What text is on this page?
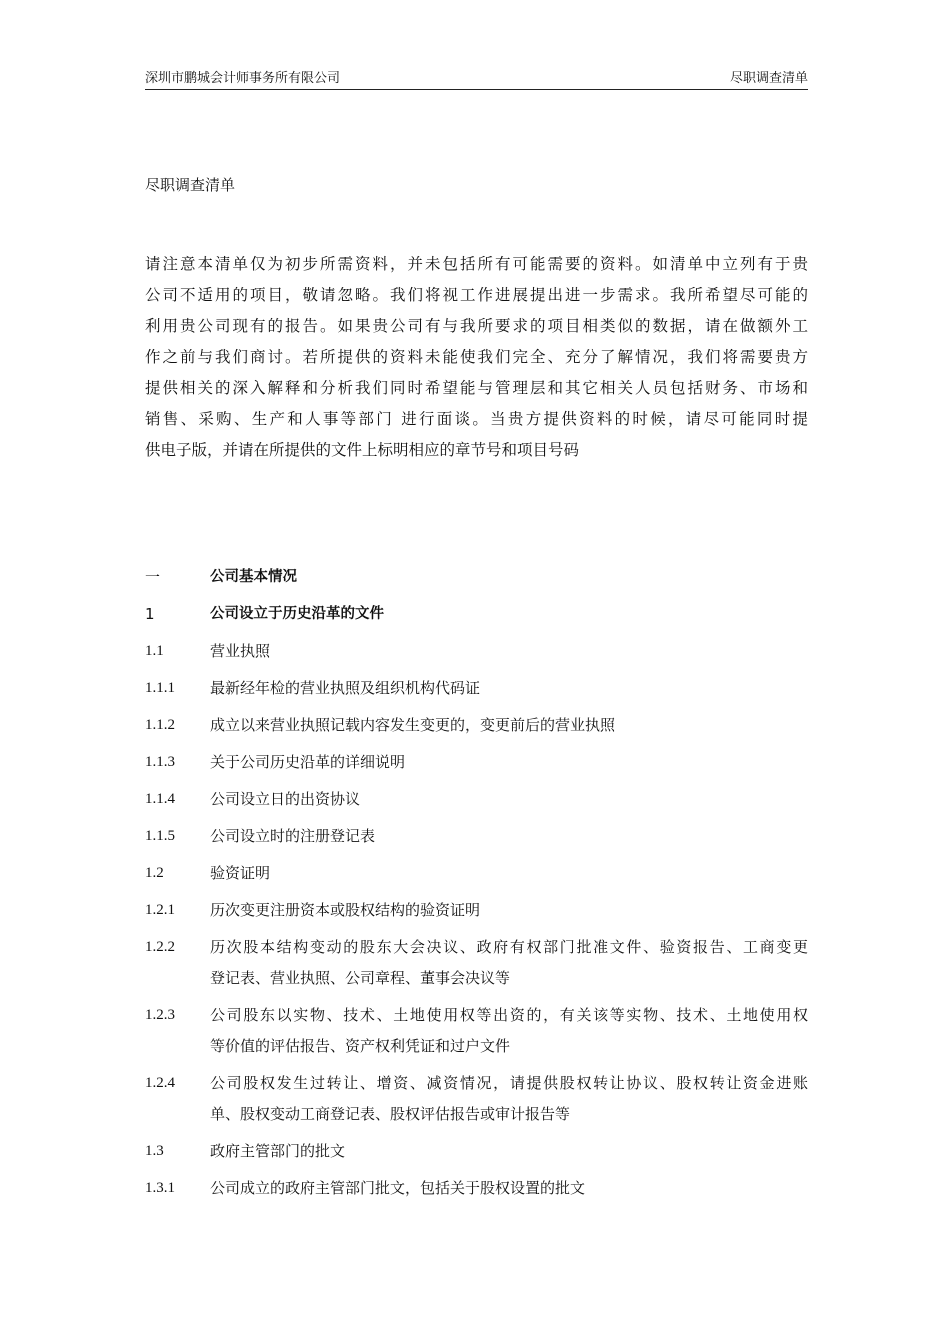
深圳市鹏城会计师事务所有限公司	尽职调查清单
尽职调查清单
请注意本清单仅为初步所需资料，并未包括所有可能需要的资料。如清单中立列有于贵
公司不适用的项目，敬请忽略。我们将视工作进展提出进一步需求。我所希望尽可能的
利用贵公司现有的报告。如果贵公司有与我所要求的项目相类似的数据，请在做额外工
作之前与我们商讨。若所提供的资料未能使我们完全、充分了解情况，我们将需要贵方
提供相关的深入解释和分析我们同时希望能与管理层和其它相关人员包括财务、市场和
销售、采购、生产和人事等部门 进行面谈。当贵方提供资料的时候，请尽可能同时提
供电子版，并请在所提供的文件上标明相应的章节号和项目号码
一	公司基本情况
1	公司设立于历史沿革的文件
1.1	营业执照
1.1.1 最新经年检的营业执照及组织机构代码证
1.1.2 成立以来营业执照记载内容发生变更的，变更前后的营业执照
1.1.3 关于公司历史沿革的详细说明
1.1.4 公司设立日的出资协议
1.1.5 公司设立时的注册登记表
1.2	验资证明
1.2.1 历次变更注册资本或股权结构的验资证明
1.2.2 历次股本结构变动的股东大会决议、政府有权部门批准文件、验资报告、工商变更
登记表、营业执照、公司章程、董事会决议等
1.2.3 公司股东以实物、技术、土地使用权等出资的，有关该等实物、技术、土地使用权
等价值的评估报告、资产权利凭证和过户文件
1.2.4 公司股权发生过转让、增资、减资情况，请提供股权转让协议、股权转让资金进账
单、股权变动工商登记表、股权评估报告或审计报告等
1.3	政府主管部门的批文
1.3.1 公司成立的政府主管部门批文，包括关于股权设置的批文
